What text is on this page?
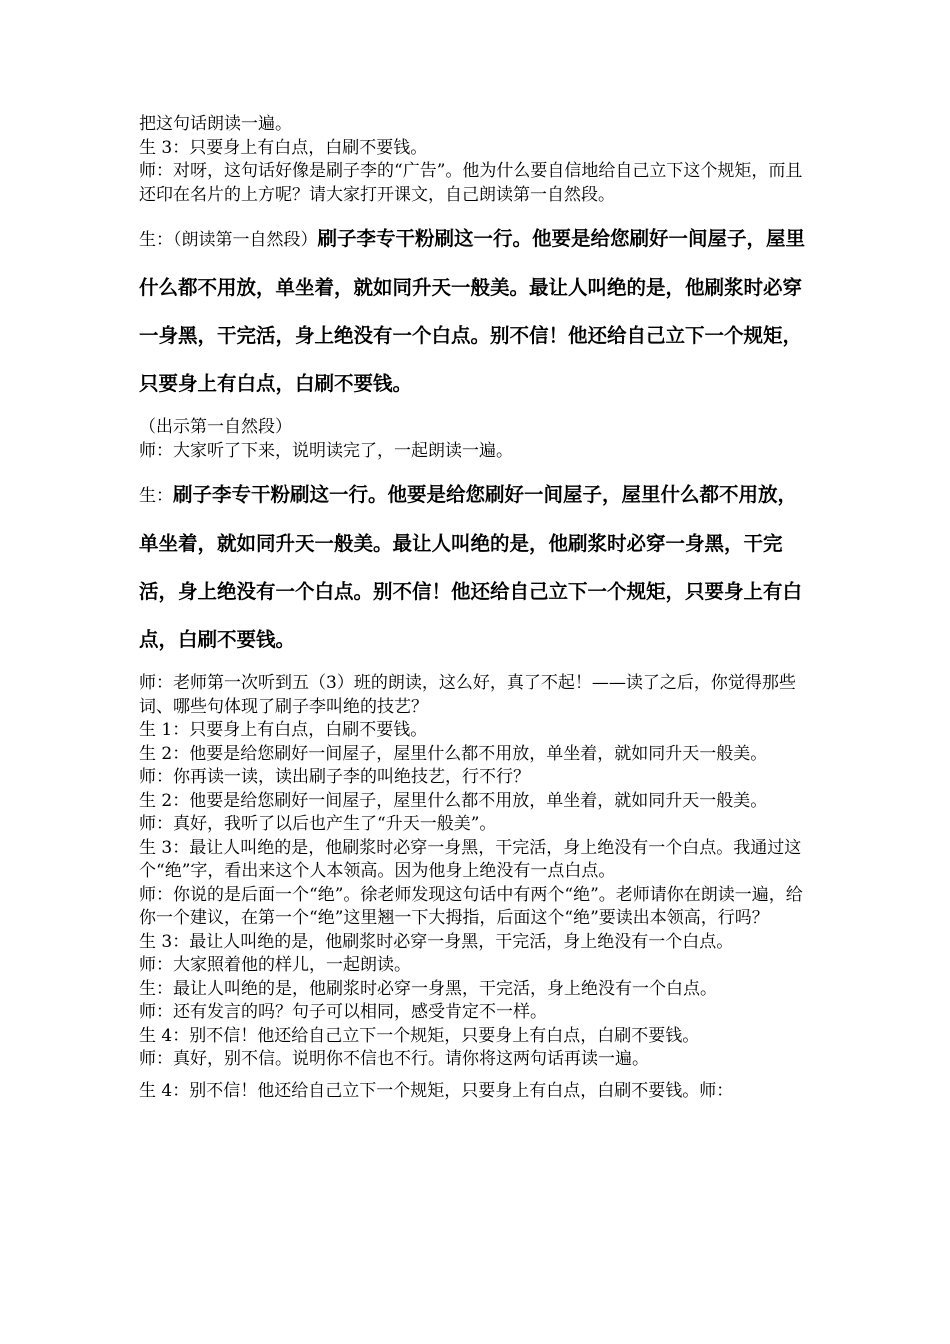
把这句话朗读一遍。

生 3：只要身上有白点，白刷不要钱。

师：对呀，这句话好像是刷子李的“广告”。他为什么要自信地给自己立下这个规矩，而且还印在名片的上方呢？请大家打开课文，自己朗读第一自然段。

生：（朗读第一自然段）刷子李专干粉刷这一行。他要是给您刷好一间屋子，屋里什么都不用放，单坐着，就如同升天一般美。最让人叫绝的是，他刷浆时必穿一身黑，干完活，身上绝没有一个白点。别不信！他还给自己立下一个规矩，只要身上有白点，白刷不要钱。

（出示第一自然段）

师：大家听了下来，说明读完了，一起朗读一遍。

生：刷子李专干粉刷这一行。他要是给您刷好一间屋子，屋里什么都不用放，单坐着，就如同升天一般美。最让人叫绝的是，他刷浆时必穿一身黑，干完活，身上绝没有一个白点。别不信！他还给自己立下一个规矩，只要身上有白点，白刷不要钱。

师：老师第一次听到五（3）班的朗读，这么好，真了不起！——读了之后，你觉得那些词、哪些句体现了刷子李叫绝的技艺？

生 1：只要身上有白点，白刷不要钱。

生 2：他要是给您刷好一间屋子，屋里什么都不用放，单坐着，就如同升天一般美。

师：你再读一读，读出刷子李的叫绝技艺，行不行？

生 2：他要是给您刷好一间屋子，屋里什么都不用放，单坐着，就如同升天一般美。

师：真好，我听了以后也产生了“升天一般美”。

生 3：最让人叫绝的是，他刷浆时必穿一身黑，干完活，身上绝没有一个白点。我通过这个“绝”字，看出来这个人本领高。因为他身上绝没有一点白点。

师：你说的是后面一个“绝”。徐老师发现这句话中有两个“绝”。老师请你在朗读一遍，给你一个建议，在第一个“绝”这里翘一下大拇指，后面这个“绝”要读出本领高，行吗？

生 3：最让人叫绝的是，他刷浆时必穿一身黑，干完活，身上绝没有一个白点。

师：大家照着他的样儿，一起朗读。

生：最让人叫绝的是，他刷浆时必穿一身黑，干完活，身上绝没有一个白点。

师：还有发言的吗？句子可以相同，感受肯定不一样。

生 4：别不信！他还给自己立下一个规矩，只要身上有白点，白刷不要钱。

师：真好，别不信。说明你不信也不行。请你将这两句话再读一遍。

生 4：别不信！他还给自己立下一个规矩，只要身上有白点，白刷不要钱。师：
